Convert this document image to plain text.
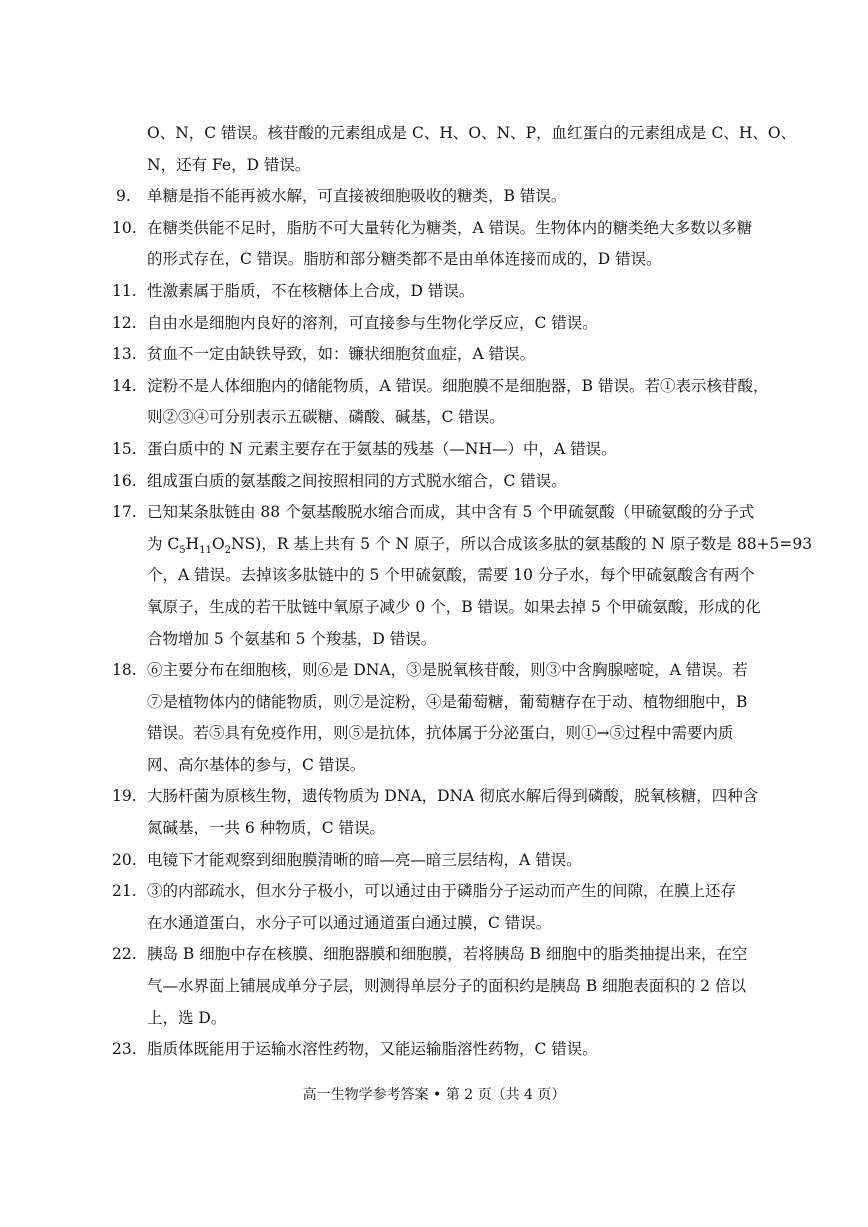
O、N，C 错误。核苷酸的元素组成是 C、H、O、N、P，血红蛋白的元素组成是 C、H、O、
N，还有 Fe，D 错误。
9. 单糖是指不能再被水解，可直接被细胞吸收的糖类，B 错误。
10. 在糖类供能不足时，脂肪不可大量转化为糖类，A 错误。生物体内的糖类绝大多数以多糖
的形式存在，C 错误。脂肪和部分糖类都不是由单体连接而成的，D 错误。
11. 性激素属于脂质，不在核糖体上合成，D 错误。
12. 自由水是细胞内良好的溶剂，可直接参与生物化学反应，C 错误。
13. 贫血不一定由缺铁导致，如：镰状细胞贫血症，A 错误。
14. 淀粉不是人体细胞内的储能物质，A 错误。细胞膜不是细胞器，B 错误。若①表示核苷酸，
则②③④可分别表示五碳糖、磷酸、碱基，C 错误。
15. 蛋白质中的 N 元素主要存在于氨基的残基（—NH—）中，A 错误。
16. 组成蛋白质的氨基酸之间按照相同的方式脱水缩合，C 错误。
17. 已知某条肽链由 88 个氨基酸脱水缩合而成，其中含有 5 个甲硫氨酸（甲硫氨酸的分子式
为 $C_5H_{11}O_2NS$)，R 基上共有 5 个 N 原子，所以合成该多肽的氨基酸的 N 原子数是 88+5=93
个，A 错误。去掉该多肽链中的 5 个甲硫氨酸，需要 10 分子水，每个甲硫氨酸含有两个
氧原子，生成的若干肽链中氧原子减少 0 个，B 错误。如果去掉 5 个甲硫氨酸，形成的化
合物增加 5 个氨基和 5 个羧基，D 错误。
18. ⑥主要分布在细胞核，则⑥是 DNA，③是脱氧核苷酸，则③中含胸腺嘧啶，A 错误。若
⑦是植物体内的储能物质，则⑦是淀粉，④是葡萄糖，葡萄糖存在于动、植物细胞中，B
错误。若⑤具有免疫作用，则⑤是抗体，抗体属于分泌蛋白，则①→⑤过程中需要内质
网、高尔基体的参与，C 错误。
19. 大肠杆菌为原核生物，遗传物质为 DNA，DNA 彻底水解后得到磷酸，脱氧核糖，四种含
氮碱基，一共 6 种物质，C 错误。
20. 电镜下才能观察到细胞膜清晰的暗—亮—暗三层结构，A 错误。
21. ③的内部疏水，但水分子极小，可以通过由于磷脂分子运动而产生的间隙，在膜上还存
在水通道蛋白，水分子可以通过通道蛋白通过膜，C 错误。
22. 胰岛 B 细胞中存在核膜、细胞器膜和细胞膜，若将胰岛 B 细胞中的脂类抽提出来，在空
气—水界面上铺展成单分子层，则测得单层分子的面积约是胰岛 B 细胞表面积的 2 倍以
上，选 D。
23. 脂质体既能用于运输水溶性药物，又能运输脂溶性药物，C 错误。
高一生物学参考答案 • 第 2 页（共 4 页）
